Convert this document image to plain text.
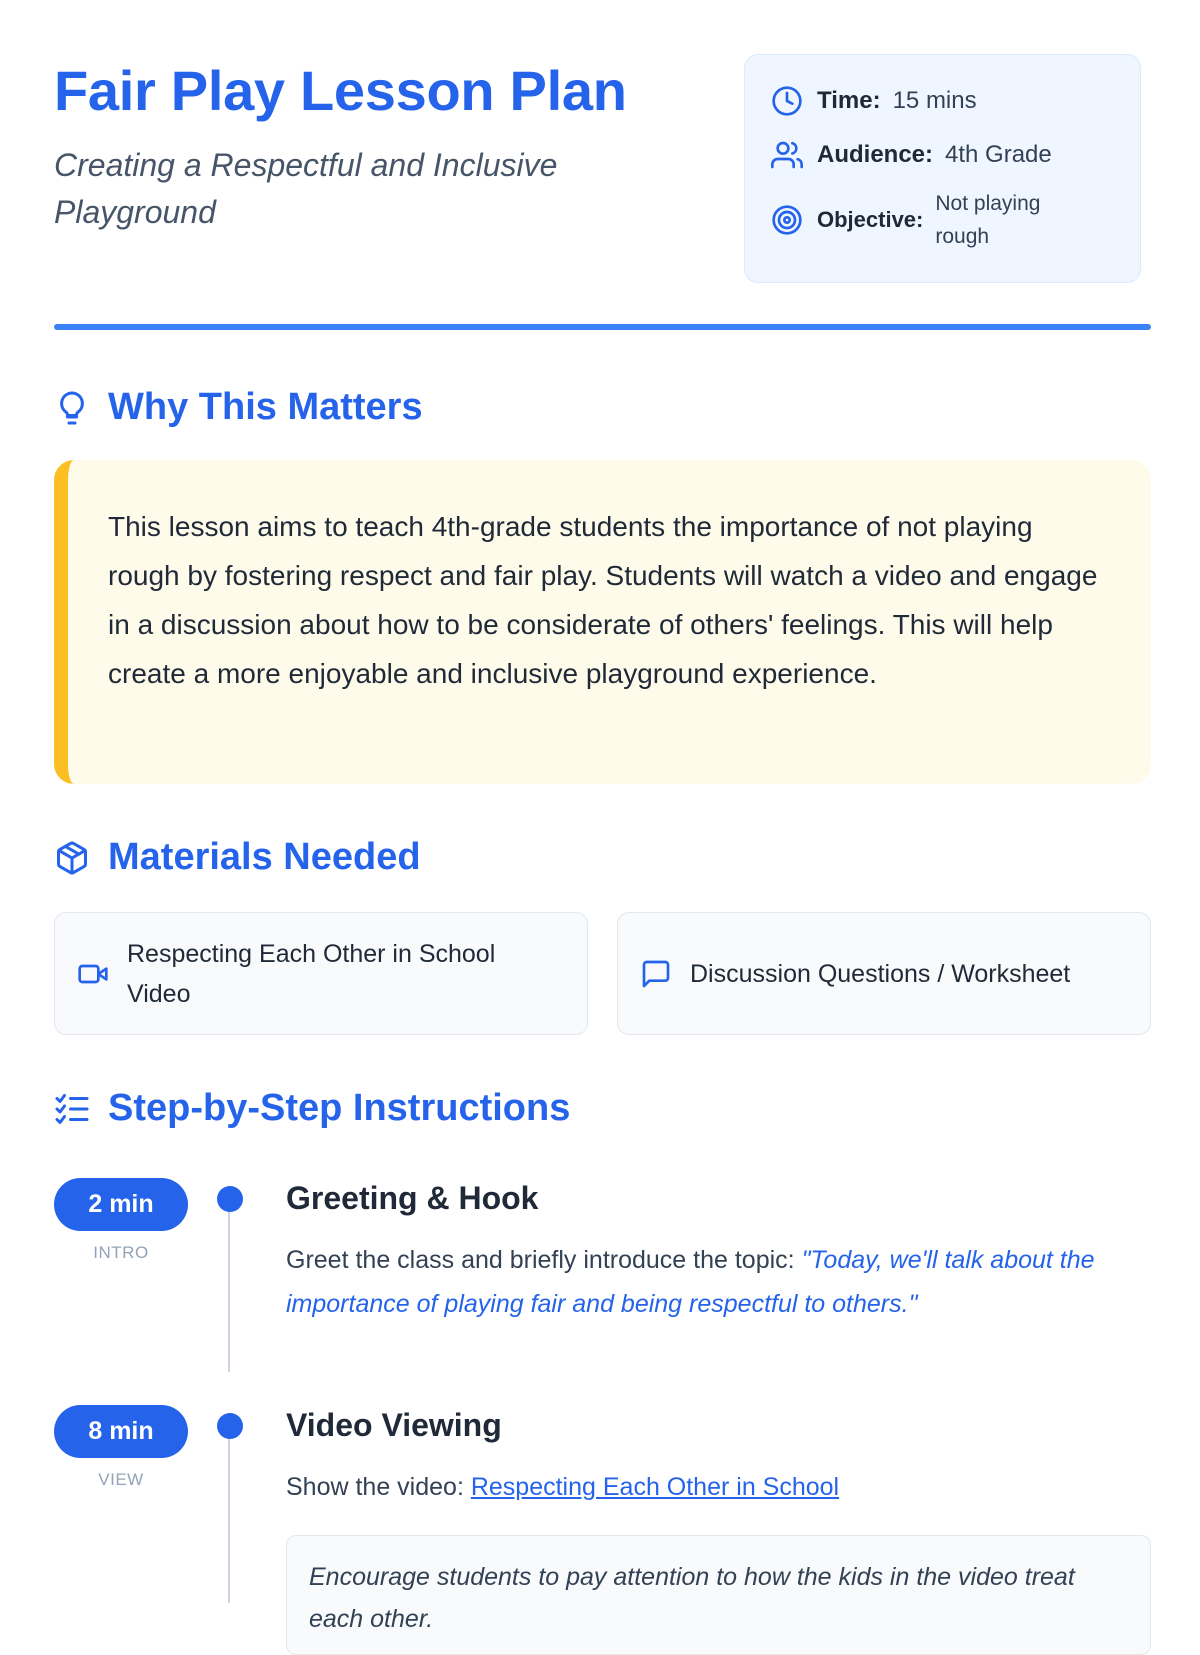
Fair Play Lesson Plan
Creating a Respectful and Inclusive Playground
Time: 15 mins
Audience: 4th Grade
Objective:
Not playing rough
Why This Matters

This lesson aims to teach 4th-grade students the importance of not playing rough by fostering respect and fair play. Students will watch a video and engage in a discussion about how to be considerate of others' feelings. This will help create a more enjoyable and inclusive playground experience.

Materials Needed
Respecting Each Other in School Video
Discussion Questions / Worksheet
Step-by-Step Instructions
2 min
INTRO
Greeting & Hook
Greet the class and briefly introduce the topic: "Today, we'll talk about the importance of playing fair and being respectful to others."
8 min
VIEW
Video Viewing
Show the video: Respecting Each Other in School
Encourage students to pay attention to how the kids in the video treat each other.
